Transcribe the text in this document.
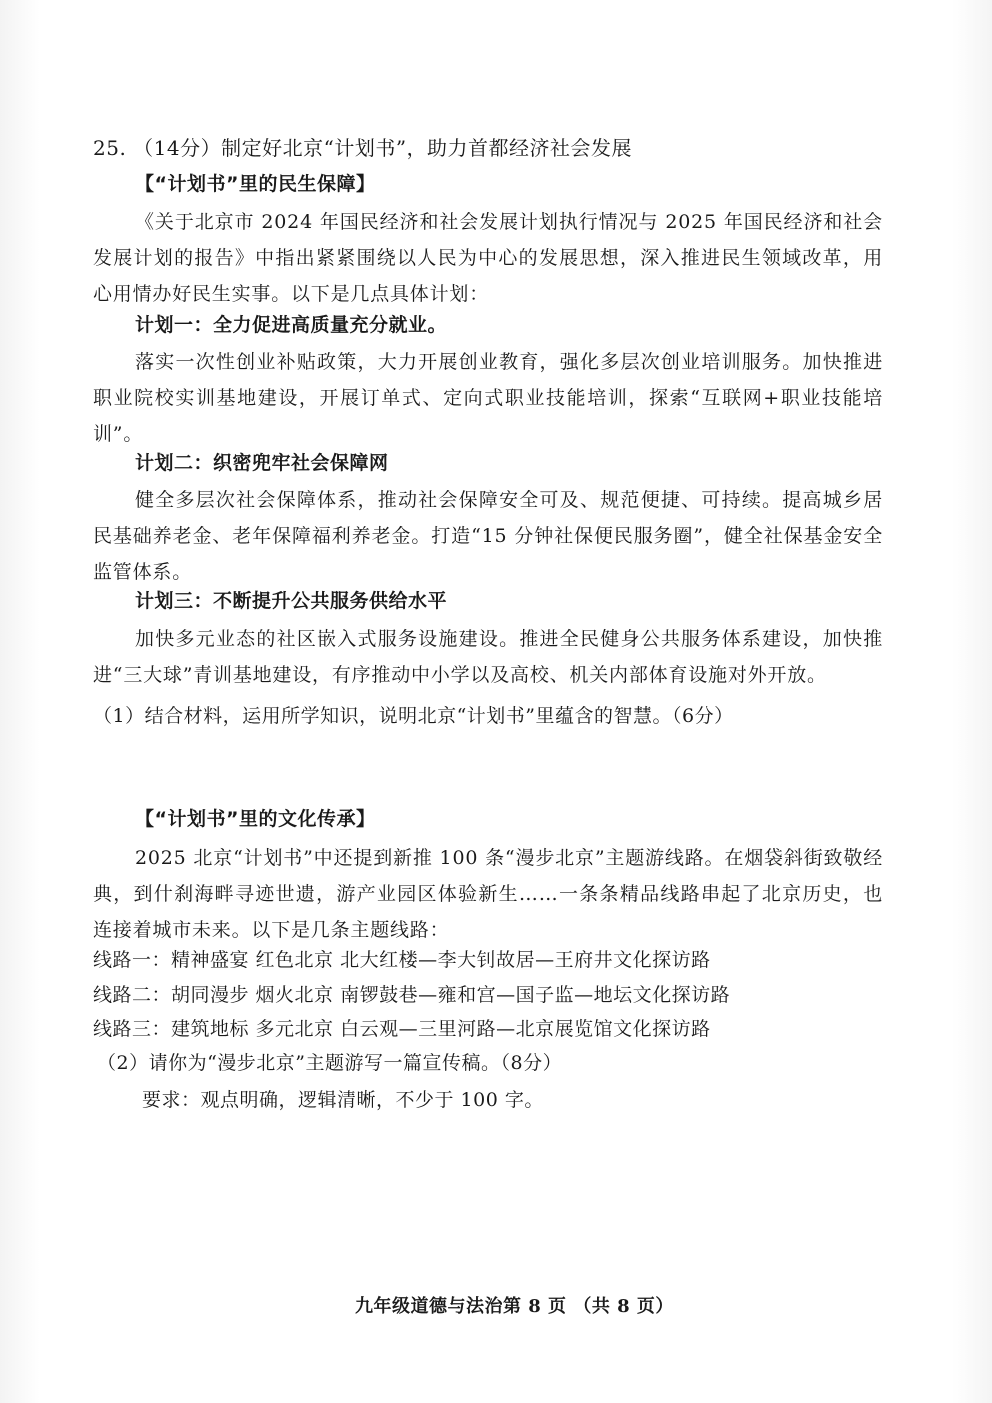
25. （14分）制定好北京“计划书”，助力首都经济社会发展
【“计划书”里的民生保障】
《关于北京市 2024 年国民经济和社会发展计划执行情况与 2025 年国民经济和社会发展计划的报告》中指出紧紧围绕以人民为中心的发展思想，深入推进民生领域改革，用心用情办好民生实事。以下是几点具体计划：
计划一：全力促进高质量充分就业。
落实一次性创业补贴政策，大力开展创业教育，强化多层次创业培训服务。加快推进职业院校实训基地建设，开展订单式、定向式职业技能培训，探索“互联网+职业技能培训”。
计划二：织密兜牢社会保障网
健全多层次社会保障体系，推动社会保障安全可及、规范便捷、可持续。提高城乡居民基础养老金、老年保障福利养老金。打造“15 分钟社保便民服务圈”，健全社保基金安全监管体系。
计划三：不断提升公共服务供给水平
加快多元业态的社区嵌入式服务设施建设。推进全民健身公共服务体系建设，加快推进“三大球”青训基地建设，有序推动中小学以及高校、机关内部体育设施对外开放。
（1）结合材料，运用所学知识，说明北京“计划书”里蕴含的智慧。（6分）
【“计划书”里的文化传承】
2025 北京“计划书”中还提到新推 100 条“漫步北京”主题游线路。在烟袋斜街致敬经典，到什刹海畔寻迹世遗，游产业园区体验新生……一条条精品线路串起了北京历史，也连接着城市未来。以下是几条主题线路：
线路一：精神盛宴 红色北京 北大红楼—李大钊故居—王府井文化探访路
线路二：胡同漫步 烟火北京 南锣鼓巷—雍和宫—国子监—地坛文化探访路
线路三：建筑地标 多元北京 白云观—三里河路—北京展览馆文化探访路
（2）请你为“漫步北京”主题游写一篇宣传稿。（8分）
要求：观点明确，逻辑清晰，不少于 100 字。
九年级道德与法治第 8 页 （共 8 页）
